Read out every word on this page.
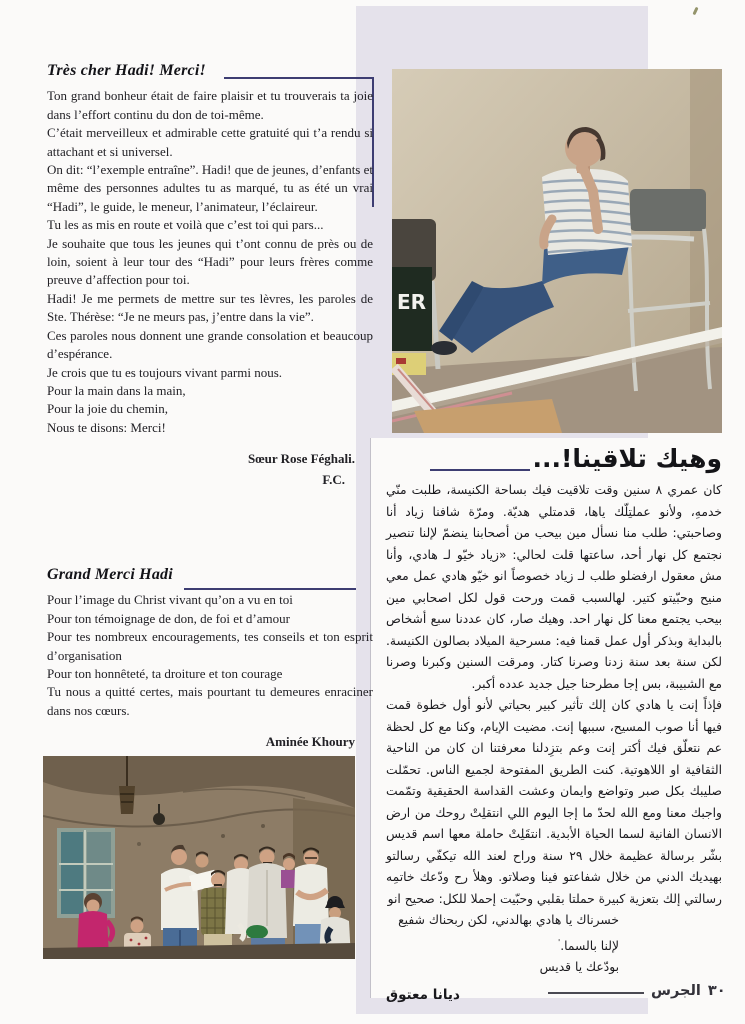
Très cher Hadi! Merci!

Ton grand bonheur était de faire plaisir et tu trouverais ta joie dans l’effort continu du don de toi-même.

C’était merveilleux et admirable cette gratuité qui t’a rendu si attachant et si universel.

On dit: “l’exemple entraîne”. Hadi! que de jeunes, d’enfants et même des personnes adultes tu as marqué, tu as été un vrai “Hadi”, le guide, le meneur, l’animateur, l’éclaireur.

Tu les as mis en route et voilà que c’est toi qui pars...

Je souhaite que tous les jeunes qui t’ont connu de près ou de loin, soient à leur tour des “Hadi” pour leurs frères comme preuve d’affection pour toi.

Hadi! Je me permets de mettre sur tes lèvres, les paroles de Ste. Thérèse: “Je ne meurs pas, j’entre dans la vie”.

Ces paroles nous donnent une grande consolation et beaucoup d’espérance.

Je crois que tu es toujours vivant parmi nous.

Pour la main dans la main,

Pour la joie du chemin,

Nous te disons: Merci!

Sœur Rose Féghali.
F.C.
Grand Merci Hadi

Pour l’image du Christ vivant qu’on a vu en toi

Pour ton témoignage de don, de foi et d’amour

Pour tes nombreux encouragements, tes conseils et ton esprit d’organisation

Pour ton honnêteté, ta droiture et ton courage

Tu nous a quitté certes, mais pourtant tu demeures enraciner dans nos cœurs.

Aminée Khoury
ER
وهيك تلاقينا!...

كان عمري ٨ سنين وقت تلاقيت فيك بساحة الكنيسة، طلبت منّي خدمهِ، ولأنو عملتِلّك ياها، قدمتلي هديّة. ومرّة شافنا زياد أنا وصاحبتي: طلب منا نسأل مين بيحب من أصحابنا ينضمّ لإلنا تنصير نجتمع كل نهار أحد، ساعتها قلت لحالي: «زياد خيّو لـ هادي، وأنا مش معقول ارفضلو طلب لـ زياد خصوصاً انو خيّو هادي عمل معي منيح وحبّيتو كتير. لهالسبب قمت ورحت قول لكل اصحابي مين بيحب يجتمع معنا كل نهار احد. وهيك صار، كان عددنا سبع أشخاص بالبداية وبذكر أول عمل قمنا فيه: مسرحية الميلاد بصالون الكنيسة. لكن سنة بعد سنة زدنا وصرنا كتار. ومرقت السنين وكبرنا وصرنا مع الشبيبة، بس إجا مطرحنا جيل جديد عدده أكبر.

فإذاً إنت يا هادي كان إلك تأثير كبير بحياتي لأنو أول خطوة قمت فيها أنا صوب المسيح، سببها إنت. مضيت الإيام، وكنا مع كل لحظة عم نتعلّق فيك أكتر إنت وعم بتزِدلنا معرفتنا ان كان من الناحية الثقافية او اللاهوتية. كنت الطريق المفتوحة لجميع الناس. تحمّلت صليبك بكل صبر وتواضع وايمان وعشت القداسة الحقيقية وتمّمت واجبك معنا ومع الله لحدّ ما إجا اليوم اللي انتقلِتْ روحك من ارض الانسان الفانية لسما الحياة الأبدية. انتقَلِتْ حاملة معها اسم قديس بشّر برسالة عظيمة خلال ٢٩ سنة وراح لعند الله تيكفّي رسالتو بهيديك الدني من خلال شفاعتو فينا وصلاتو. وهلأ رح ودّعك خاتمِه رسالتي إلك بتعزية كبيرة حملتا بقلبي وحبّيت إحملا للكل: صحيح انو

خسرناك يا هادي بهالدني، لكن ربحناك شفيع لإلنا بالسما.'
بودّعك يا قديس
ديانا معتوق	الجرس ٣٠
